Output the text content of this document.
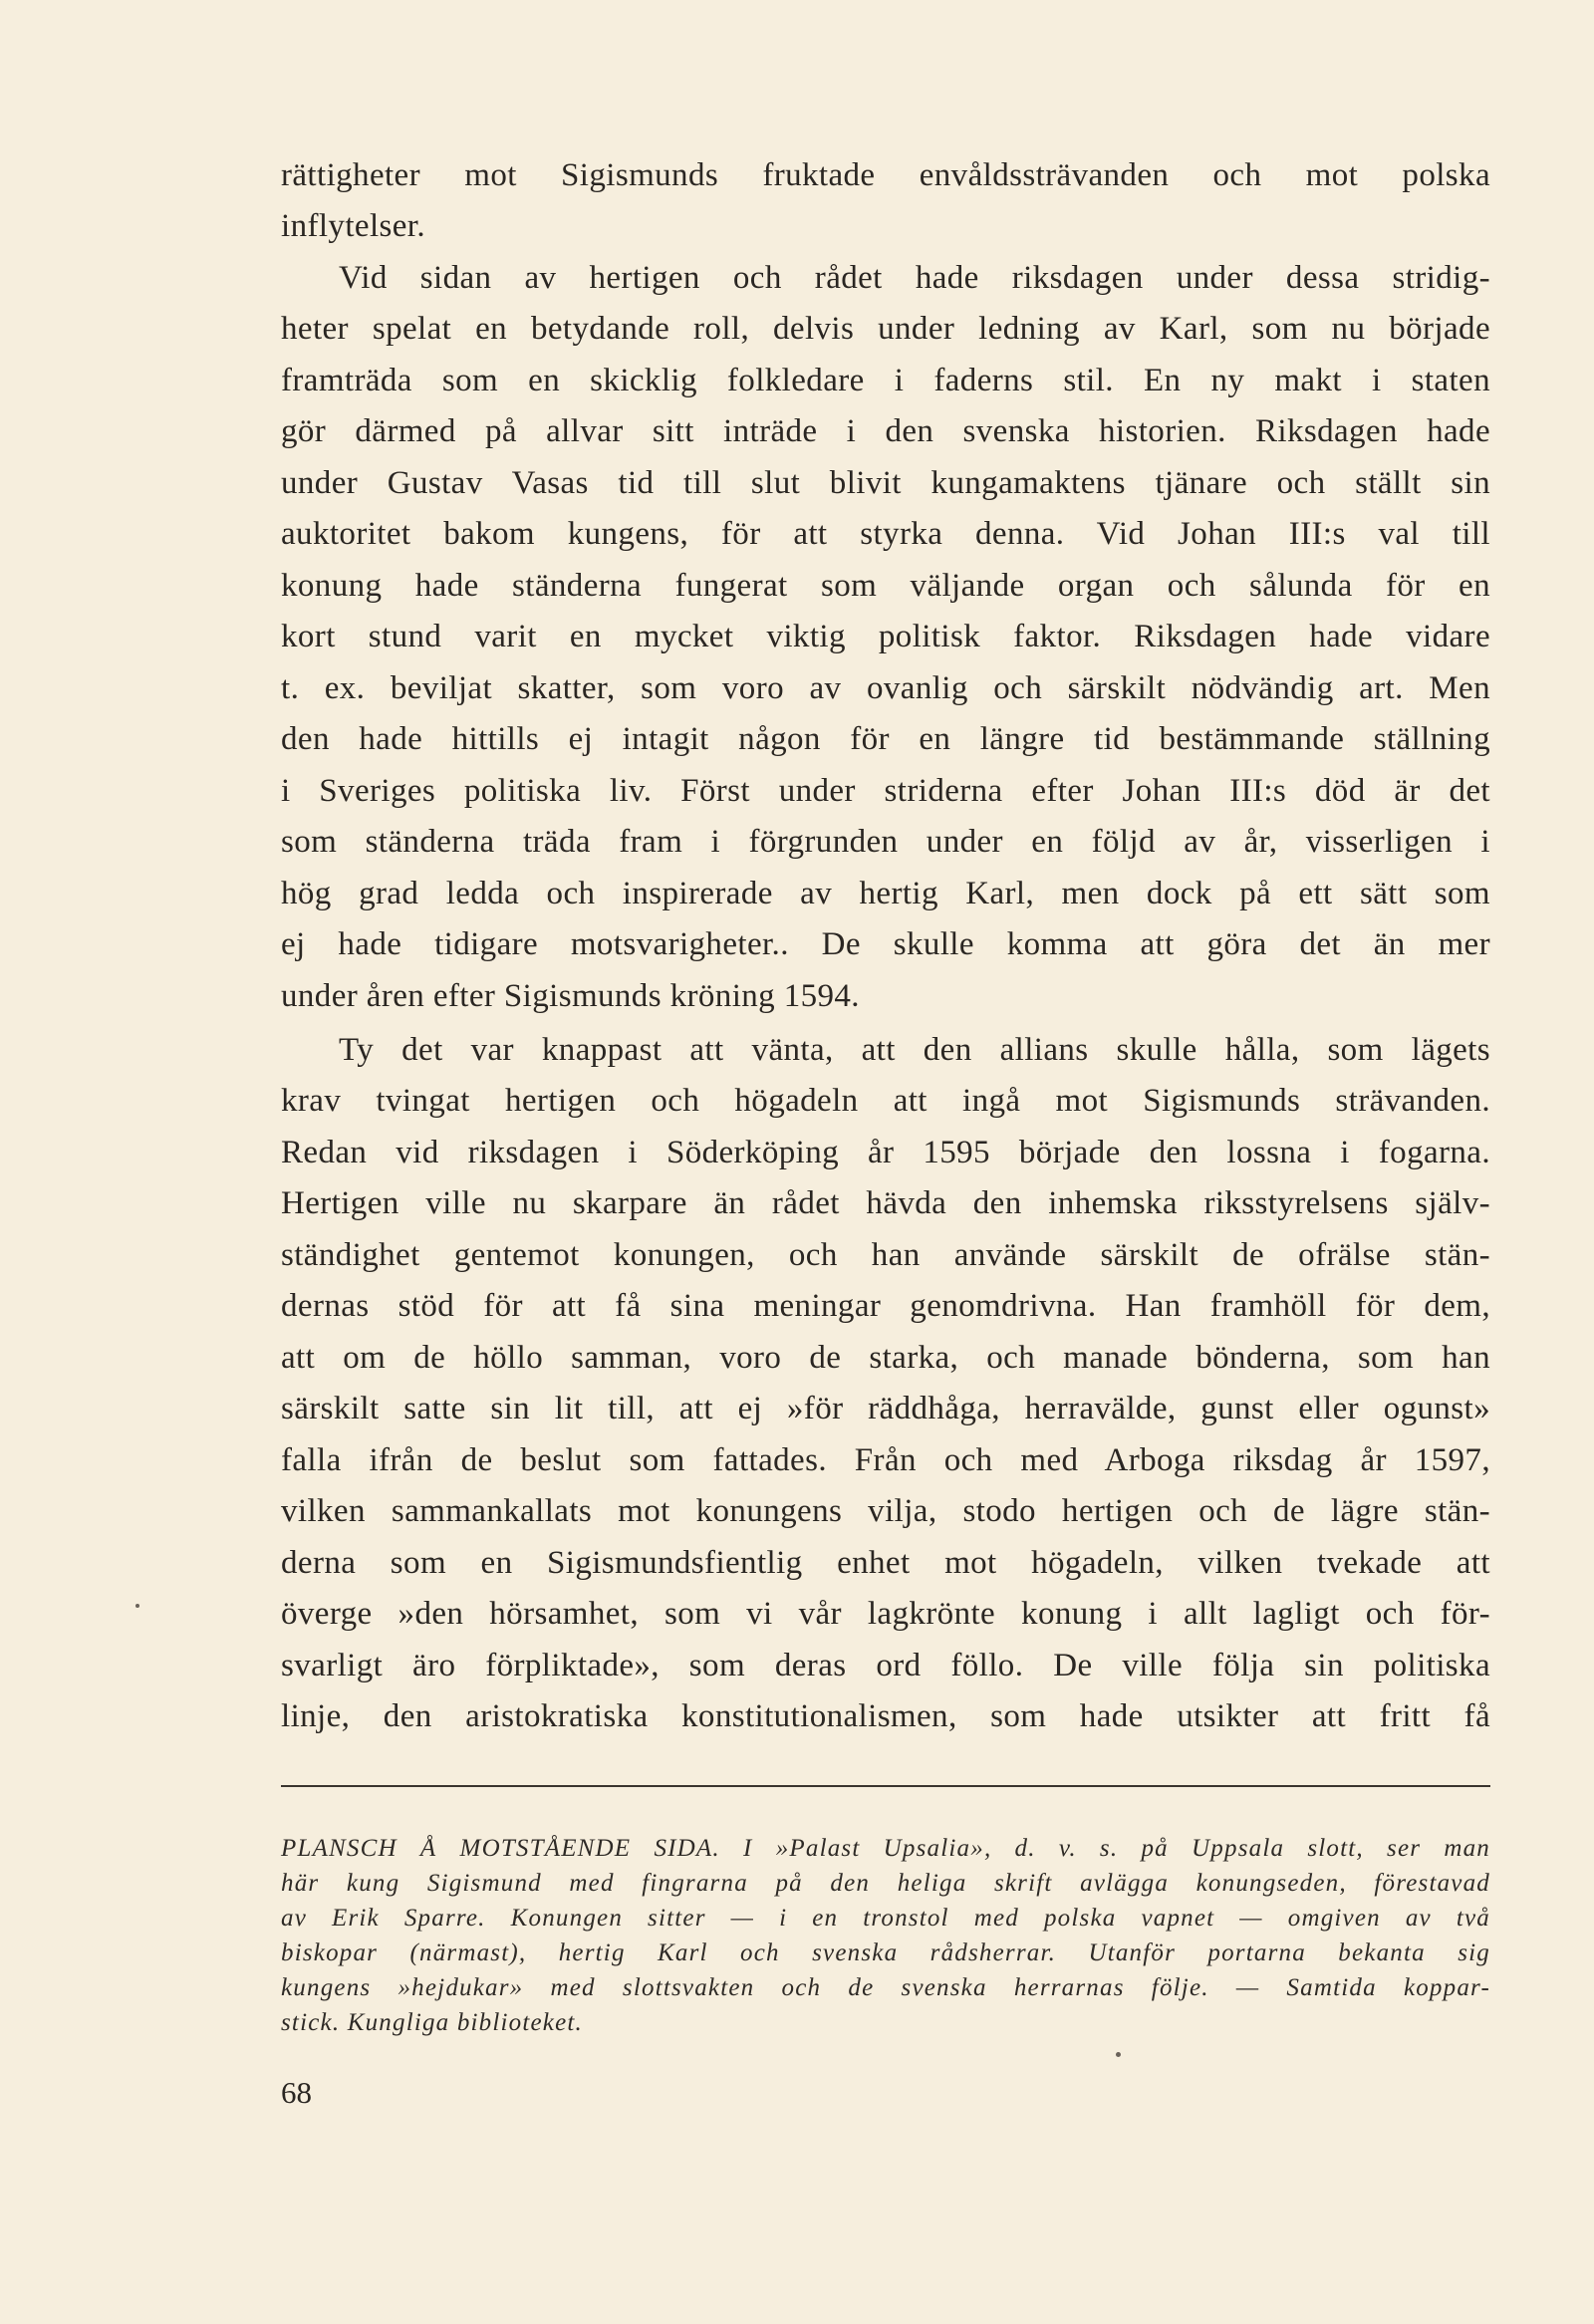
rättigheter mot Sigismunds fruktade envåldssträvanden och mot polska
inflytelser.
Vid sidan av hertigen och rådet hade riksdagen under dessa stridig-
heter spelat en betydande roll, delvis under ledning av Karl, som nu började
framträda som en skicklig folkledare i faderns stil. En ny makt i staten
gör därmed på allvar sitt inträde i den svenska historien. Riksdagen hade
under Gustav Vasas tid till slut blivit kungamaktens tjänare och ställt sin
auktoritet bakom kungens, för att styrka denna. Vid Johan III:s val till
konung hade ständerna fungerat som väljande organ och sålunda för en
kort stund varit en mycket viktig politisk faktor. Riksdagen hade vidare
t. ex. beviljat skatter, som voro av ovanlig och särskilt nödvändig art. Men
den hade hittills ej intagit någon för en längre tid bestämmande ställning
i Sveriges politiska liv. Först under striderna efter Johan III:s död är det
som ständerna träda fram i förgrunden under en följd av år, visserligen i
hög grad ledda och inspirerade av hertig Karl, men dock på ett sätt som
ej hade tidigare motsvarigheter.. De skulle komma att göra det än mer
under åren efter Sigismunds kröning 1594.
Ty det var knappast att vänta, att den allians skulle hålla, som lägets
krav tvingat hertigen och högadeln att ingå mot Sigismunds strävanden.
Redan vid riksdagen i Söderköping år 1595 började den lossna i fogarna.
Hertigen ville nu skarpare än rådet hävda den inhemska riksstyrelsens själv-
ständighet gentemot konungen, och han använde särskilt de ofrälse stän-
dernas stöd för att få sina meningar genomdrivna. Han framhöll för dem,
att om de höllo samman, voro de starka, och manade bönderna, som han
särskilt satte sin lit till, att ej »för räddhåga, herravälde, gunst eller ogunst»
falla ifrån de beslut som fattades. Från och med Arboga riksdag år 1597,
vilken sammankallats mot konungens vilja, stodo hertigen och de lägre stän-
derna som en Sigismundsfientlig enhet mot högadeln, vilken tvekade att
överge »den hörsamhet, som vi vår lagkrönte konung i allt lagligt och för-
svarligt äro förpliktade», som deras ord föllo. De ville följa sin politiska
linje, den aristokratiska konstitutionalismen, som hade utsikter att fritt få
PLANSCH Å MOTSTÅENDE SIDA. I »Palast Upsalia», d. v. s. på Uppsala slott, ser man
här kung Sigismund med fingrarna på den heliga skrift avlägga konungseden, förestavad
av Erik Sparre. Konungen sitter — i en tronstol med polska vapnet — omgiven av två
biskopar (närmast), hertig Karl och svenska rådsherrar. Utanför portarna bekanta sig
kungens »hejdukar» med slottsvakten och de svenska herrarnas följe. — Samtida koppar-
stick. Kungliga biblioteket.
68
